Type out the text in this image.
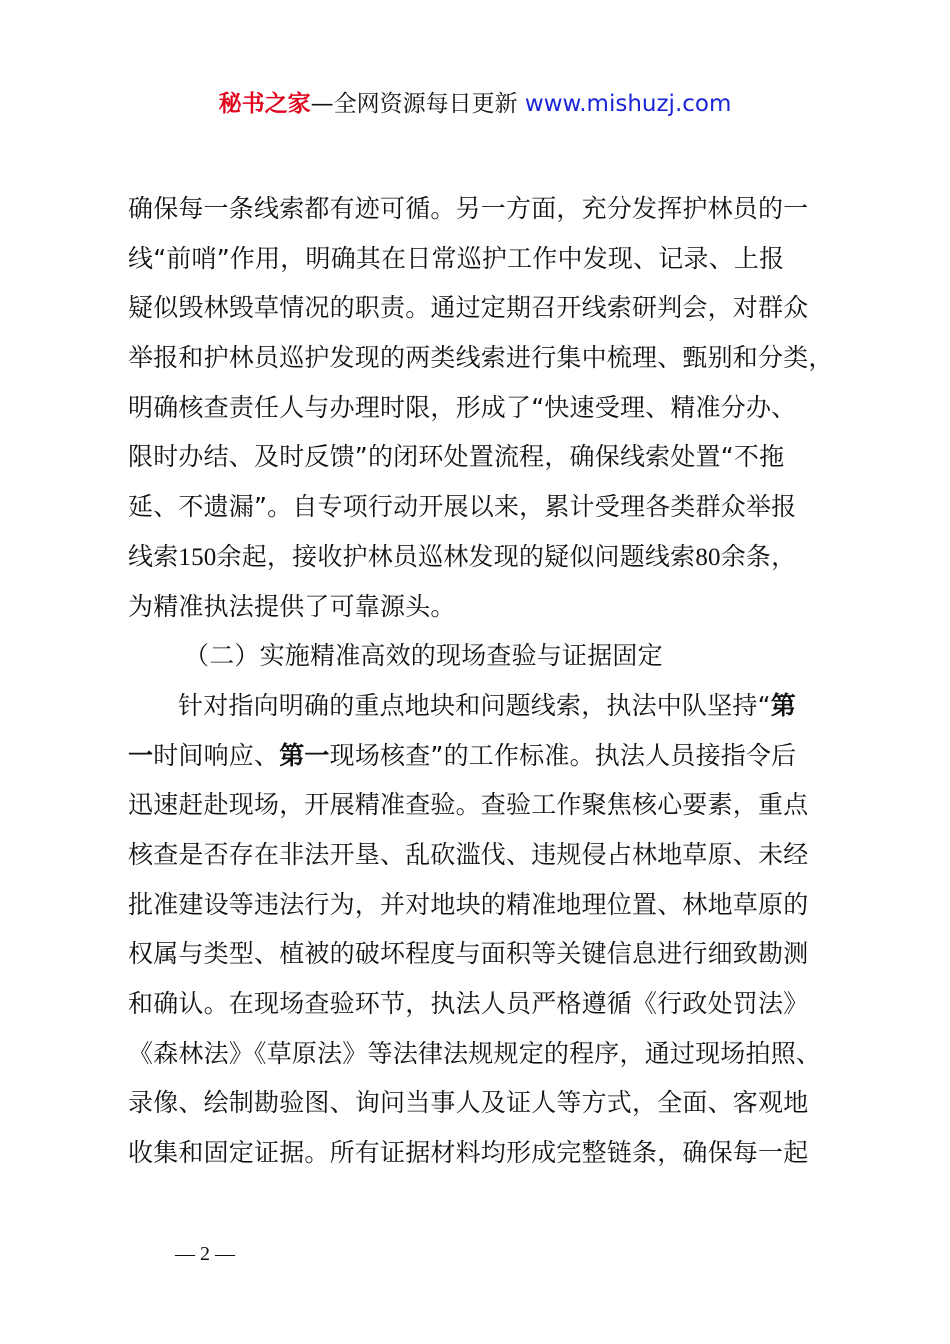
秘书之家—全网资源每日更新 www.mishuzj.com
确保每一条线索都有迹可循。另一方面，充分发挥护林员的一
线“前哨”作用，明确其在日常巡护工作中发现、记录、上报
疑似毁林毁草情况的职责。通过定期召开线索研判会，对群众
举报和护林员巡护发现的两类线索进行集中梳理、甄别和分类，
明确核查责任人与办理时限，形成了“快速受理、精准分办、
限时办结、及时反馈”的闭环处置流程，确保线索处置“不拖
延、不遗漏”。自专项行动开展以来，累计受理各类群众举报
线索150余起，接收护林员巡林发现的疑似问题线索80余条，
为精准执法提供了可靠源头。
（二）实施精准高效的现场查验与证据固定
针对指向明确的重点地块和问题线索，执法中队坚持“第
一时间响应、第一现场核查”的工作标准。执法人员接指令后
迅速赶赴现场，开展精准查验。查验工作聚焦核心要素，重点
核查是否存在非法开垦、乱砍滥伐、违规侵占林地草原、未经
批准建设等违法行为，并对地块的精准地理位置、林地草原的
权属与类型、植被的破坏程度与面积等关键信息进行细致勘测
和确认。在现场查验环节，执法人员严格遵循《行政处罚法》
《森林法》《草原法》等法律法规规定的程序，通过现场拍照、
录像、绘制勘验图、询问当事人及证人等方式，全面、客观地
收集和固定证据。所有证据材料均形成完整链条，确保每一起
— 2 —
